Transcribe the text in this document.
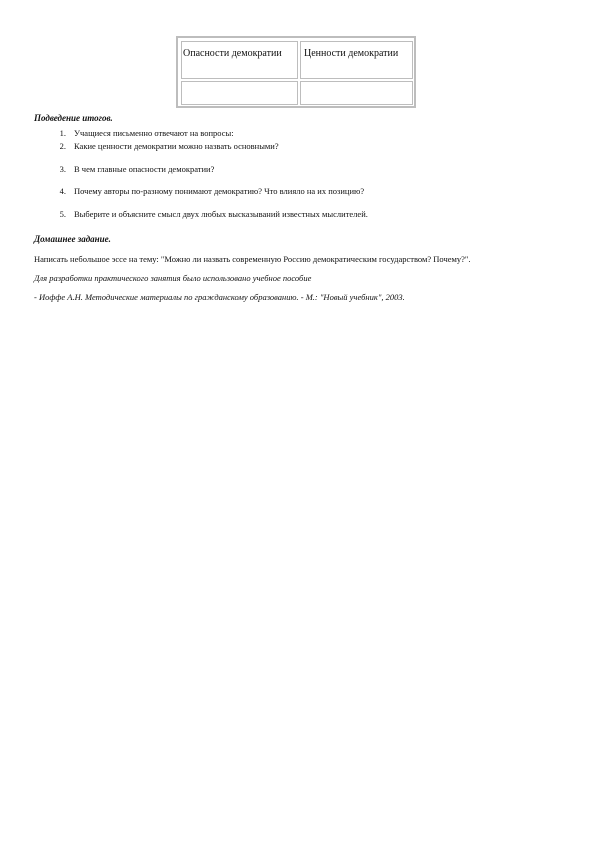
Опасности демократии	Ценности демократии
Подведение итогов.
1. Учащиеся письменно отвечают на вопросы:
2. Какие ценности демократии можно назвать основными?
3. В чем главные опасности демократии?
4. Почему авторы по-разному понимают демократию? Что влияло на их позицию?
5. Выберите и объясните смысл двух любых высказываний известных мыслителей.
Домашнее задание.
Написать небольшое эссе на тему: "Можно ли назвать современную Россию демократическим государством? Почему?".
Для разработки практического занятия было использовано учебное пособие
- Иоффе А.Н. Методические материалы по гражданскому образованию. - М.: "Новый учебник", 2003.
